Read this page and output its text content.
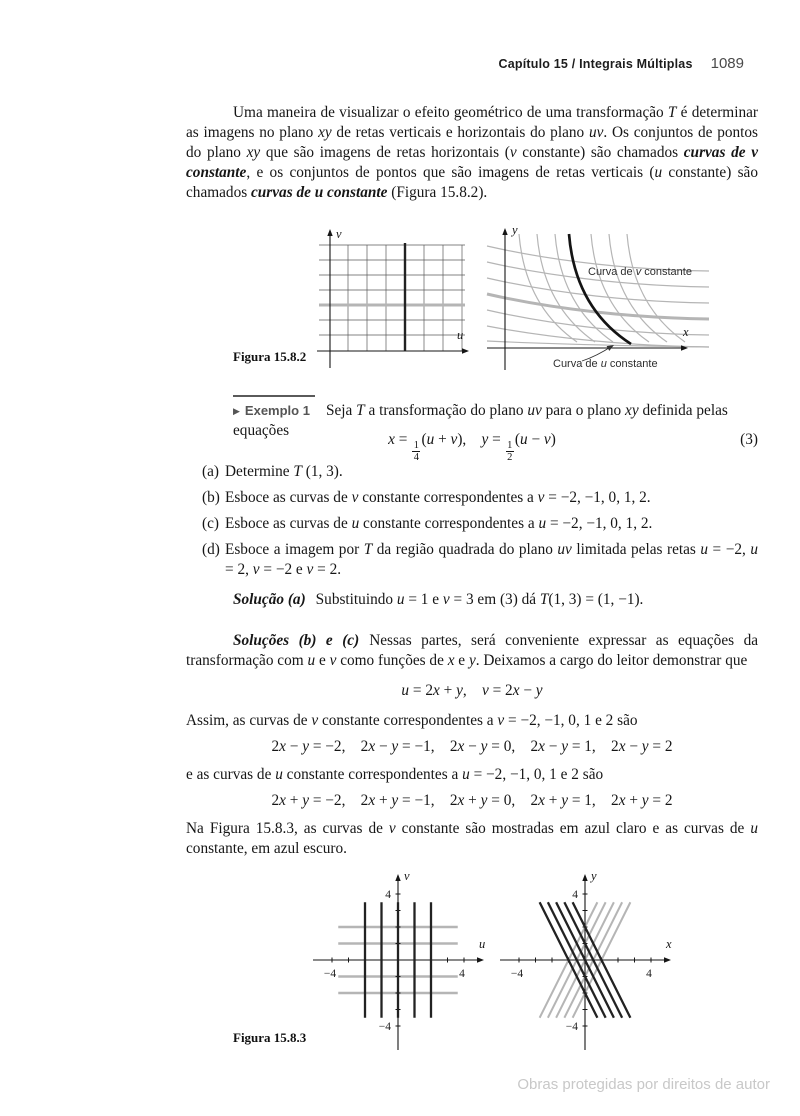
Capítulo 15 / Integrais Múltiplas 1089

Uma maneira de visualizar o efeito geométrico de uma transformação T é determinar as imagens no plano xy de retas verticais e horizontais do plano uv. Os conjuntos de pontos do plano xy que são imagens de retas horizontais (v constante) são chamados curvas de v constante, e os conjuntos de pontos que são imagens de retas verticais (u constante) são chamados curvas de u constante (Figura 15.8.2).

u
v
x
y
Curva de v constante
Curva de u constante
Figura 15.8.2
▶ Exemplo 1 Seja T a transformação do plano uv para o plano xy definida pelas equações
x =
$\frac{1}{4}$
(u + v),    y =
$\frac{1}{2}$
(u − v)	(3)
(a) Determine T (1, 3).
(b) Esboce as curvas de v constante correspondentes a v = −2, −1, 0, 1, 2.
(c) Esboce as curvas de u constante correspondentes a u = −2, −1, 0, 1, 2.
(d) Esboce a imagem por T da região quadrada do plano uv limitada pelas retas u = −2, u = 2, v = −2 e v = 2.

Solução (a) Substituindo u = 1 e v = 3 em (3) dá T(1, 3) = (1, −1).

Soluções (b) e (c) Nessas partes, será conveniente expressar as equações da transformação com u e v como funções de x e y. Deixamos a cargo do leitor demonstrar que

u = 2x + y,    v = 2x − y

Assim, as curvas de v constante correspondentes a v = −2, −1, 0, 1 e 2 são

2x − y = −2,    2x − y = −1,    2x − y = 0,    2x − y = 1,    2x − y = 2

e as curvas de u constante correspondentes a u = −2, −1, 0, 1 e 2 são

2x + y = −2,    2x + y = −1,    2x + y = 0,    2x + y = 1,    2x + y = 2

Na Figura 15.8.3, as curvas de v constante são mostradas em azul claro e as curvas de u constante, em azul escuro.

−4	4
4
−4
u
v
−4	4
4
−4
x
y
Figura 15.8.3
Obras protegidas por direitos de autor
